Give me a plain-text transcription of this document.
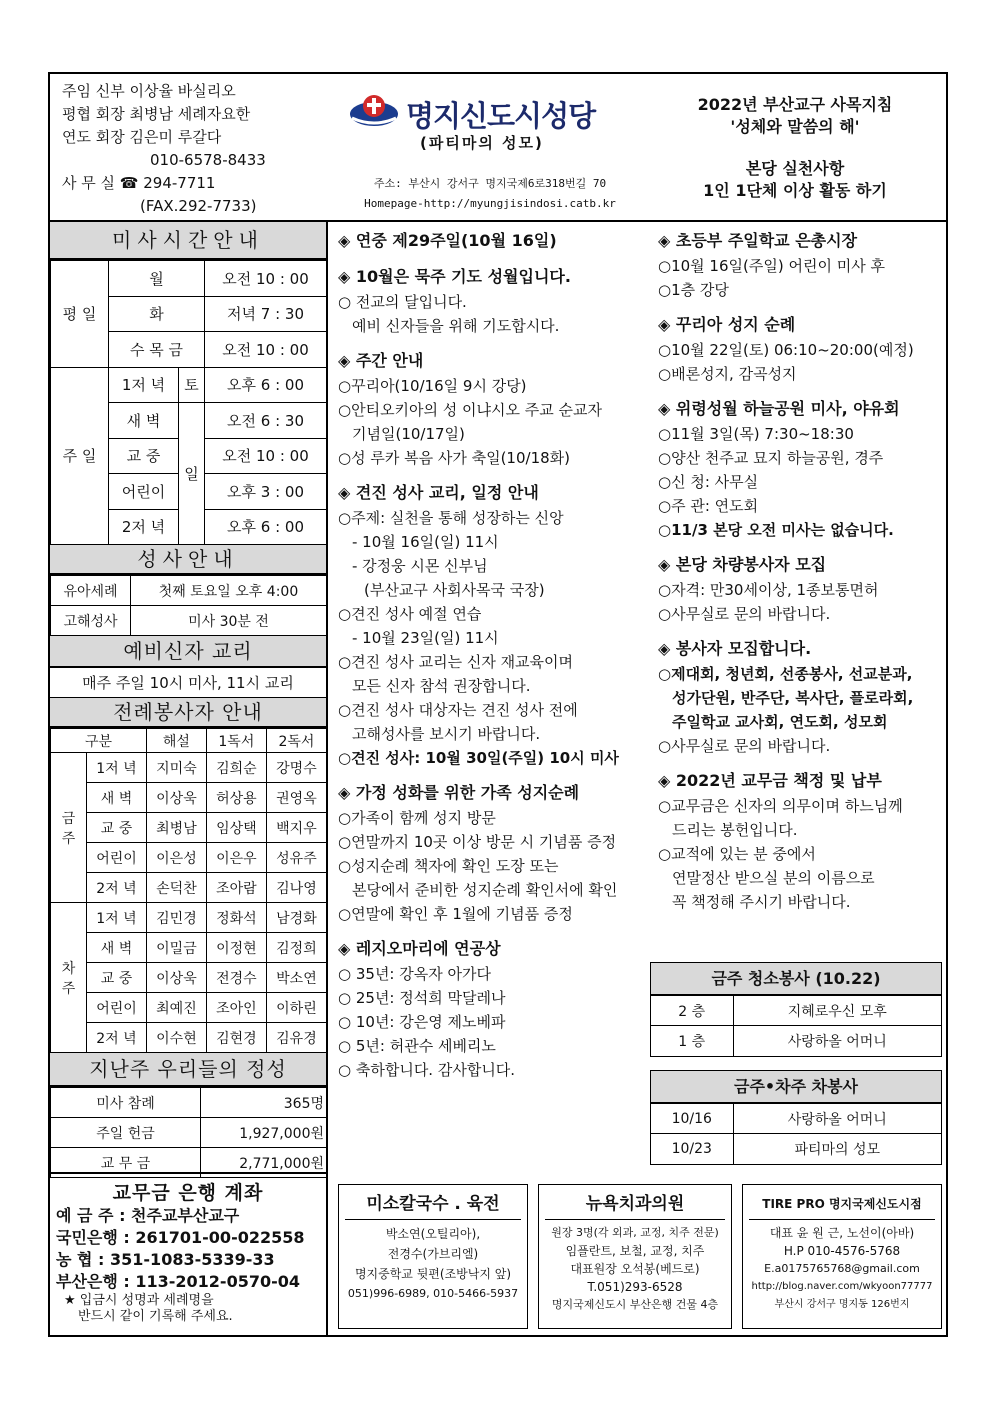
주임 신부 이상율 바실리오
평협 회장 최병남 세례자요한
연도 회장 김은미 루갈다
010-6578-8433
사 무 실 ☎ 294-7711
(FAX.292-7733)
명지신도시성당
(파티마의 성모)
주소: 부산시 강서구 명지국제6로318번길 70
Homepage-http://myungjisindosi.catb.kr
2022년 부산교구 사목지침
'성체와 말씀의 해'
본당 실천사항
1인 1단체 이상 활동 하기
미사시간안내
평 일	월		오전 10 : 00
	화		저녁 7 : 30
	수 목 금		오전 10 : 00
주 일	1저 녁	토	오후 6 : 00
	새 벽	일	오전 6 : 30
	교 중		오전 10 : 00
	어린이		오후 3 : 00
	2저 녁		오후 6 : 00
성사안내
유아세례	첫째 토요일 오후 4:00
고해성사	미사 30분 전
예비신자 교리
매주 주일 10시 미사, 11시 교리
전례봉사자 안내
구분		해설	1독서	2독서
금 주	1저 녁	지미숙	김희순	강명수
	새 벽	이상욱	허상용	권영옥
	교 중	최병남	임상택	백지우
	어린이	이은성	이은우	성유주
	2저 녁	손덕찬	조아람	김나영
차 주	1저 녁	김민경	정화석	남경화
	새 벽	이밀금	이정현	김정희
	교 중	이상욱	전경수	박소연
	어린이	최예진	조아인	이하린
	2저 녁	이수현	김현경	김유경
지난주 우리들의 정성
미사 참례	365명
주일 헌금	1,927,000원
교 무 금	2,771,000원
교무금 은행 계좌
예 금 주 : 천주교부산교구
국민은행 : 261701-00-022558
농 협 : 351-1083-5339-33
부산은행 : 113-2012-0570-04
★ 입금시 성명과 세례명을
반드시 같이 기록해 주세요.
◈ 연중 제29주일(10월 16일)
◈ 10월은 묵주 기도 성월입니다.
○ 전교의 달입니다.
예비 신자들을 위해 기도합시다.
◈ 주간 안내
○꾸리아(10/16일 9시 강당)
○안티오키아의 성 이냐시오 주교 순교자
기념일(10/17일)
○성 루카 복음 사가 축일(10/18화)
◈ 견진 성사 교리, 일정 안내
○주제: 실천을 통해 성장하는 신앙
- 10월 16일(일) 11시
- 강정웅 시몬 신부님
(부산교구 사회사목국 국장)
○견진 성사 예절 연습
- 10월 23일(일) 11시
○견진 성사 교리는 신자 재교육이며
모든 신자 참석 권장합니다.
○견진 성사 대상자는 견진 성사 전에
고해성사를 보시기 바랍니다.
○견진 성사: 10월 30일(주일) 10시 미사
◈ 가정 성화를 위한 가족 성지순례
○가족이 함께 성지 방문
○연말까지 10곳 이상 방문 시 기념품 증정
○성지순례 책자에 확인 도장 또는
본당에서 준비한 성지순례 확인서에 확인
○연말에 확인 후 1월에 기념품 증정
◈ 레지오마리에 연공상
○ 35년: 강옥자 아가다
○ 25년: 정석희 막달레나
○ 10년: 강은영 제노베파
○ 5년: 허관수 세베리노
○ 축하합니다. 감사합니다.
◈ 초등부 주일학교 은총시장
○10월 16일(주일) 어린이 미사 후
○1층 강당
◈ 꾸리아 성지 순례
○10월 22일(토) 06:10~20:00(예정)
○배론성지, 감곡성지
◈ 위령성월 하늘공원 미사, 야유회
○11월 3일(목) 7:30~18:30
○양산 천주교 묘지 하늘공원, 경주
○신 청: 사무실
○주 관: 연도회
○11/3 본당 오전 미사는 없습니다.
◈ 본당 차량봉사자 모집
○자격: 만30세이상, 1종보통면허
○사무실로 문의 바랍니다.
◈ 봉사자 모집합니다.
○제대회, 청년회, 선종봉사, 선교분과,
성가단원, 반주단, 복사단, 플로라회,
주일학교 교사회, 연도회, 성모회
○사무실로 문의 바랍니다.
◈ 2022년 교무금 책정 및 납부
○교무금은 신자의 의무이며 하느님께
드리는 봉헌입니다.
○교적에 있는 분 중에서
연말정산 받으실 분의 이름으로
꼭 책정해 주시기 바랍니다.
금주 청소봉사 (10.22)
2 층	지혜로우신 모후
1 층	사랑하올 어머니
금주•차주 차봉사
10/16	사랑하올 어머니
10/23	파티마의 성모
미소칼국수 . 육전
박소연(오틸리아),
전경수(가브리엘)
명지중학교 뒷편(조방낙지 앞)
051)996-6989, 010-5466-5937
뉴욕치과의원
원장 3명(각 외과, 교정, 치주 전문)
임플란트, 보철, 교정, 치주
대표원장 오석봉(베드로)
T.051)293-6528
명지국제신도시 부산은행 건물 4층
TIRE PRO 명지국제신도시점
대표 윤 원 근, 노선이(아바)
H.P 010-4576-5768
E.a0175765768@gmail.com
http://blog.naver.com/wkyoon77777
부산시 강서구 명지동 126번지
